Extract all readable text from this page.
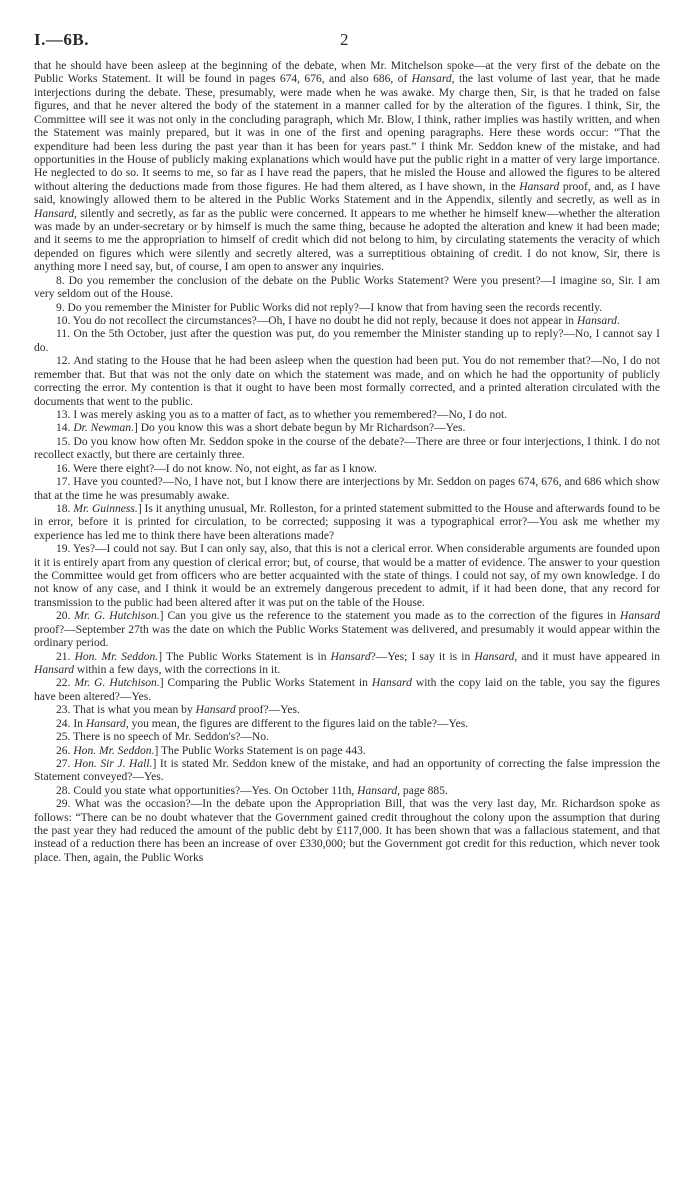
I.—6B.	2

that he should have been asleep at the beginning of the debate, when Mr. Mitchelson spoke—at the very first of the debate on the Public Works Statement. It will be found in pages 674, 676, and also 686, of Hansard, the last volume of last year, that he made interjections during the debate. These, presumably, were made when he was awake. My charge then, Sir, is that he traded on false figures, and that he never altered the body of the statement in a manner called for by the alteration of the figures. I think, Sir, the Committee will see it was not only in the concluding paragraph, which Mr. Blow, I think, rather implies was hastily written, and when the Statement was mainly prepared, but it was in one of the first and opening paragraphs. Here these words occur: “That the expenditure had been less during the past year than it has been for years past.” I think Mr. Seddon knew of the mistake, and had opportunities in the House of publicly making explanations which would have put the public right in a matter of very large importance. He neglected to do so. It seems to me, so far as I have read the papers, that he misled the House and allowed the figures to be altered without altering the deductions made from those figures. He had them altered, as I have shown, in the Hansard proof, and, as I have said, knowingly allowed them to be altered in the Public Works Statement and in the Appendix, silently and secretly, as well as in Hansard, silently and secretly, as far as the public were concerned. It appears to me whether he himself knew—whether the alteration was made by an under-secretary or by himself is much the same thing, because he adopted the alteration and knew it had been made; and it seems to me the appropriation to himself of credit which did not belong to him, by circulating statements the veracity of which depended on figures which were silently and secretly altered, was a surreptitious obtaining of credit. I do not know, Sir, there is anything more I need say, but, of course, I am open to answer any inquiries.

8. Do you remember the conclusion of the debate on the Public Works Statement? Were you present?—I imagine so, Sir. I am very seldom out of the House.

9. Do you remember the Minister for Public Works did not reply?—I know that from having seen the records recently.

10. You do not recollect the circumstances?—Oh, I have no doubt he did not reply, because it does not appear in Hansard.

11. On the 5th October, just after the question was put, do you remember the Minister standing up to reply?—No, I cannot say I do.

12. And stating to the House that he had been asleep when the question had been put. You do not remember that?—No, I do not remember that. But that was not the only date on which the statement was made, and on which he had the opportunity of publicly correcting the error. My contention is that it ought to have been most formally corrected, and a printed alteration circulated with the documents that went to the public.

13. I was merely asking you as to a matter of fact, as to whether you remembered?—No, I do not.

14. Dr. Newman.] Do you know this was a short debate begun by Mr Richardson?—Yes.

15. Do you know how often Mr. Seddon spoke in the course of the debate?—There are three or four interjections, I think. I do not recollect exactly, but there are certainly three.

16. Were there eight?—I do not know. No, not eight, as far as I know.

17. Have you counted?—No, I have not, but I know there are interjections by Mr. Seddon on pages 674, 676, and 686 which show that at the time he was presumably awake.

18. Mr. Guinness.] Is it anything unusual, Mr. Rolleston, for a printed statement submitted to the House and afterwards found to be in error, before it is printed for circulation, to be corrected; supposing it was a typographical error?—You ask me whether my experience has led me to think there have been alterations made?

19. Yes?—I could not say. But I can only say, also, that this is not a clerical error. When considerable arguments are founded upon it it is entirely apart from any question of clerical error; but, of course, that would be a matter of evidence. The answer to your question the Committee would get from officers who are better acquainted with the state of things. I could not say, of my own knowledge. I do not know of any case, and I think it would be an extremely dangerous precedent to admit, if it had been done, that any record for transmission to the public had been altered after it was put on the table of the House.

20. Mr. G. Hutchison.] Can you give us the reference to the statement you made as to the correction of the figures in Hansard proof?—September 27th was the date on which the Public Works Statement was delivered, and presumably it would appear within the ordinary period.

21. Hon. Mr. Seddon.] The Public Works Statement is in Hansard?—Yes; I say it is in Hansard, and it must have appeared in Hansard within a few days, with the corrections in it.

22. Mr. G. Hutchison.] Comparing the Public Works Statement in Hansard with the copy laid on the table, you say the figures have been altered?—Yes.

23. That is what you mean by Hansard proof?—Yes.

24. In Hansard, you mean, the figures are different to the figures laid on the table?—Yes.

25. There is no speech of Mr. Seddon's?—No.

26. Hon. Mr. Seddon.] The Public Works Statement is on page 443.

27. Hon. Sir J. Hall.] It is stated Mr. Seddon knew of the mistake, and had an opportunity of correcting the false impression the Statement conveyed?—Yes.

28. Could you state what opportunities?—Yes. On October 11th, Hansard, page 885.

29. What was the occasion?—In the debate upon the Appropriation Bill, that was the very last day, Mr. Richardson spoke as follows: “There can be no doubt whatever that the Government gained credit throughout the colony upon the assumption that during the past year they had reduced the amount of the public debt by £117,000. It has been shown that was a fallacious statement, and that instead of a reduction there has been an increase of over £330,000; but the Government got credit for this reduction, which never took place. Then, again, the Public Works
